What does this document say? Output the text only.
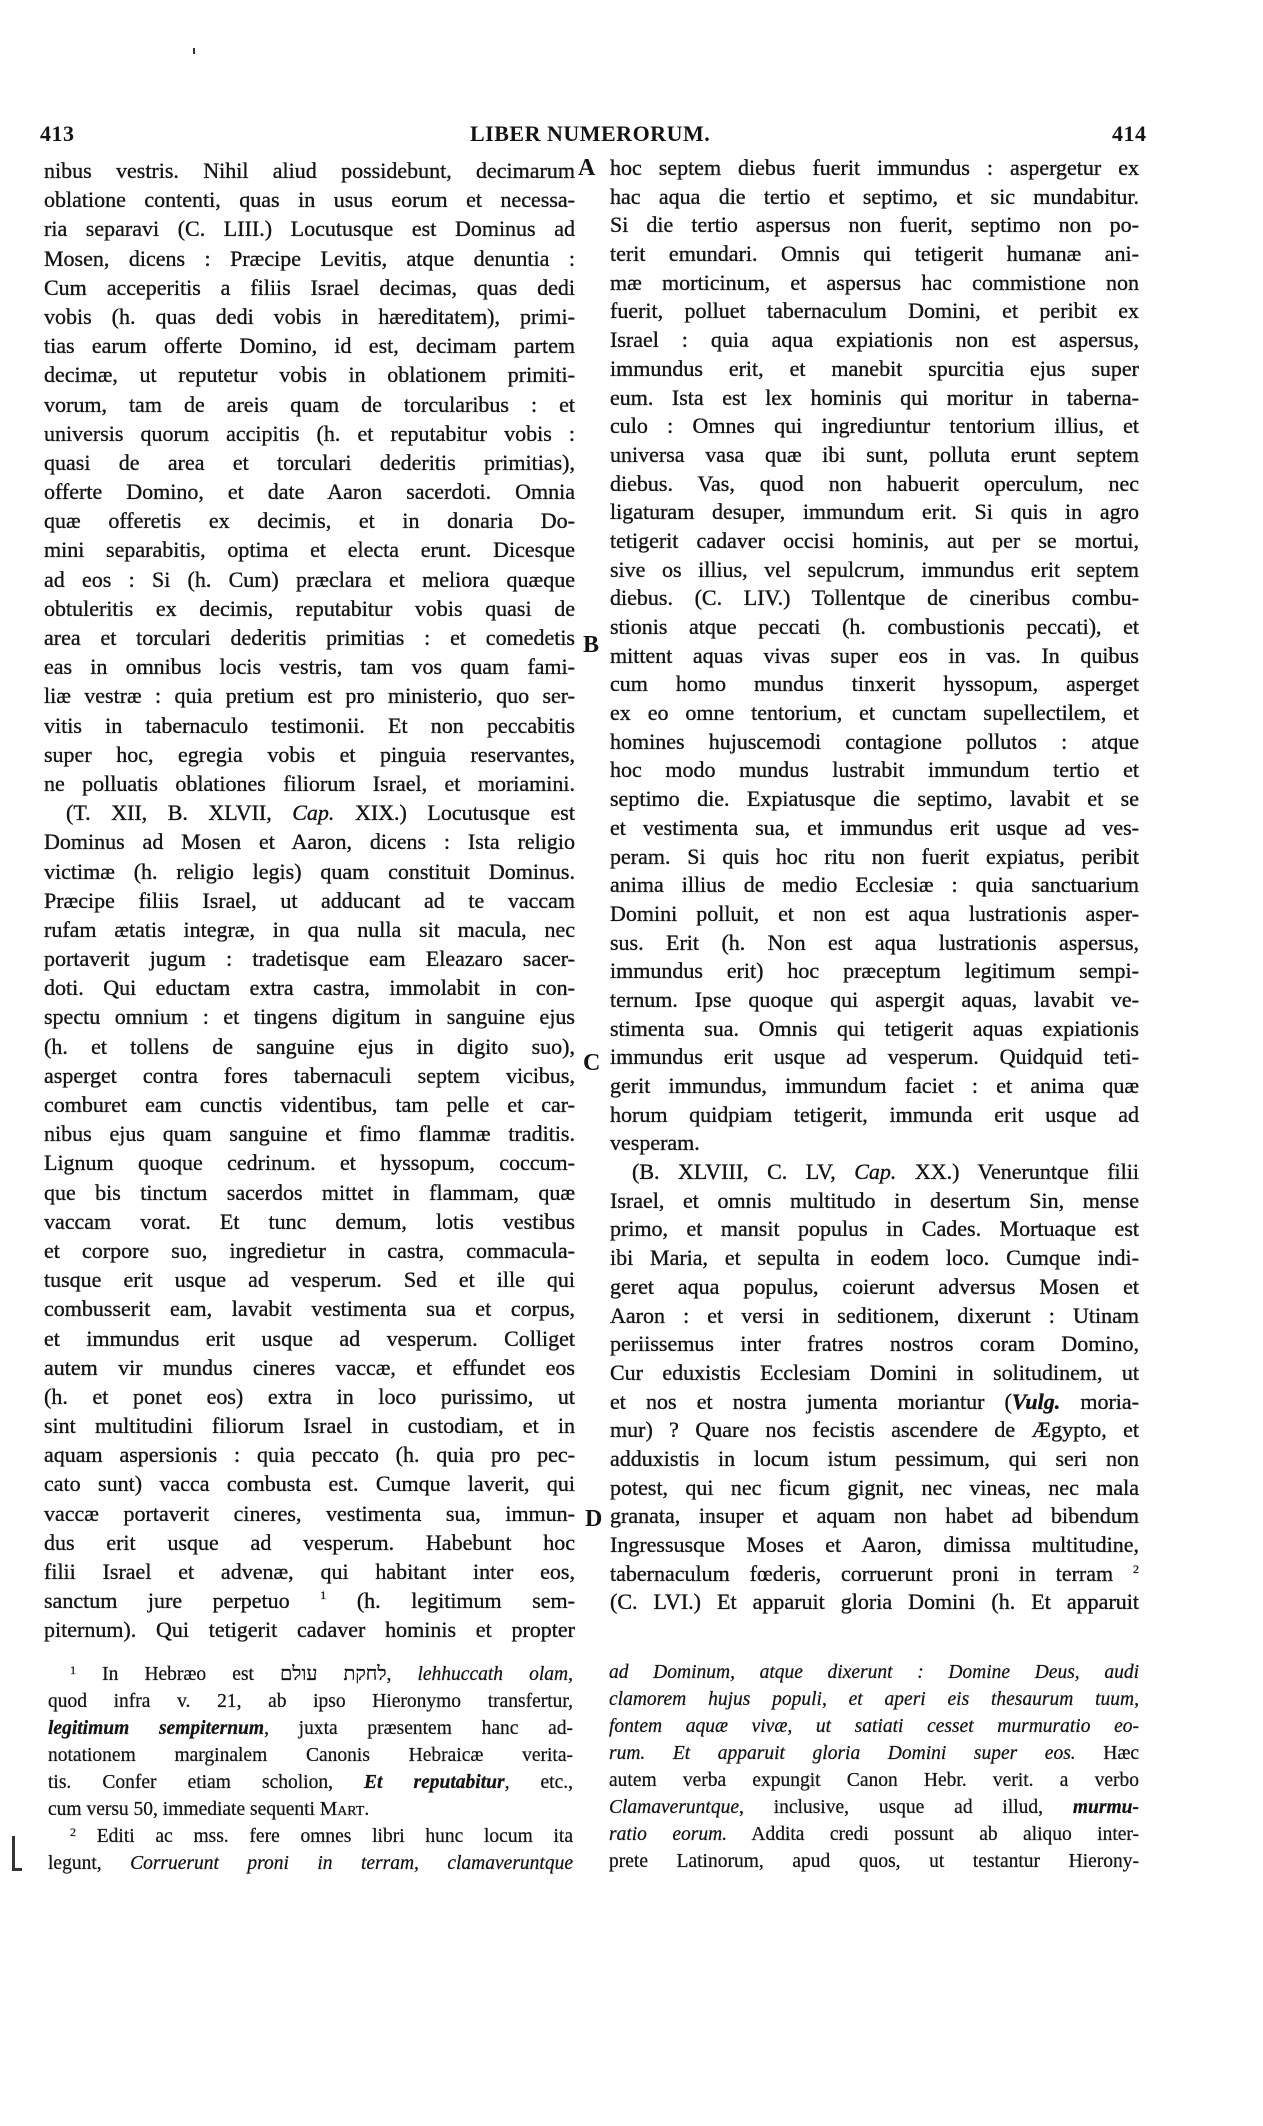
413	LIBER NUMERORUM.	414
A
B
C
D
nibus vestris. Nihil aliud possidebunt, decimarum
oblatione contenti, quas in usus eorum et necessa-
ria separavi (C. LIII.) Locutusque est Dominus ad
Mosen, dicens : Præcipe Levitis, atque denuntia :
Cum acceperitis a filiis Israel decimas, quas dedi
vobis (h. quas dedi vobis in hæreditatem), primi-
tias earum offerte Domino, id est, decimam partem
decimæ, ut reputetur vobis in oblationem primiti-
vorum, tam de areis quam de torcularibus : et
universis quorum accipitis (h. et reputabitur vobis :
quasi de area et torculari dederitis primitias),
offerte Domino, et date Aaron sacerdoti. Omnia
quæ offeretis ex decimis, et in donaria Do-
mini separabitis, optima et electa erunt. Dicesque
ad eos : Si (h. Cum) præclara et meliora quæque
obtuleritis ex decimis, reputabitur vobis quasi de
area et torculari dederitis primitias : et comedetis
eas in omnibus locis vestris, tam vos quam fami-
liæ vestræ : quia pretium est pro ministerio, quo ser-
vitis in tabernaculo testimonii. Et non peccabitis
super hoc, egregia vobis et pinguia reservantes,
ne polluatis oblationes filiorum Israel, et moriamini.
(T. XII, B. XLVII, Cap. XIX.) Locutusque est
Dominus ad Mosen et Aaron, dicens : Ista religio
victimæ (h. religio legis) quam constituit Dominus.
Præcipe filiis Israel, ut adducant ad te vaccam
rufam ætatis integræ, in qua nulla sit macula, nec
portaverit jugum : tradetisque eam Eleazaro sacer-
doti. Qui eductam extra castra, immolabit in con-
spectu omnium : et tingens digitum in sanguine ejus
(h. et tollens de sanguine ejus in digito suo),
asperget contra fores tabernaculi septem vicibus,
comburet eam cunctis videntibus, tam pelle et car-
nibus ejus quam sanguine et fimo flammæ traditis.
Lignum quoque cedrinum. et hyssopum, coccum-
que bis tinctum sacerdos mittet in flammam, quæ
vaccam vorat. Et tunc demum, lotis vestibus
et corpore suo, ingredietur in castra, commacula-
tusque erit usque ad vesperum. Sed et ille qui
combusserit eam, lavabit vestimenta sua et corpus,
et immundus erit usque ad vesperum. Colliget
autem vir mundus cineres vaccæ, et effundet eos
(h. et ponet eos) extra in loco purissimo, ut
sint multitudini filiorum Israel in custodiam, et in
aquam aspersionis : quia peccato (h. quia pro pec-
cato sunt) vacca combusta est. Cumque laverit, qui
vaccæ portaverit cineres, vestimenta sua, immun-
dus erit usque ad vesperum. Habebunt hoc
filii Israel et advenæ, qui habitant inter eos,
sanctum jure perpetuo $^1$ (h. legitimum sem-
piternum). Qui tetigerit cadaver hominis et propter
hoc septem diebus fuerit immundus : aspergetur ex
hac aqua die tertio et septimo, et sic mundabitur.
Si die tertio aspersus non fuerit, septimo non po-
terit emundari. Omnis qui tetigerit humanæ ani-
mæ morticinum, et aspersus hac commistione non
fuerit, polluet tabernaculum Domini, et peribit ex
Israel : quia aqua expiationis non est aspersus,
immundus erit, et manebit spurcitia ejus super
eum. Ista est lex hominis qui moritur in taberna-
culo : Omnes qui ingrediuntur tentorium illius, et
universa vasa quæ ibi sunt, polluta erunt septem
diebus. Vas, quod non habuerit operculum, nec
ligaturam desuper, immundum erit. Si quis in agro
tetigerit cadaver occisi hominis, aut per se mortui,
sive os illius, vel sepulcrum, immundus erit septem
diebus. (C. LIV.) Tollentque de cineribus combu-
stionis atque peccati (h. combustionis peccati), et
mittent aquas vivas super eos in vas. In quibus
cum homo mundus tinxerit hyssopum, asperget
ex eo omne tentorium, et cunctam supellectilem, et
homines hujuscemodi contagione pollutos : atque
hoc modo mundus lustrabit immundum tertio et
septimo die. Expiatusque die septimo, lavabit et se
et vestimenta sua, et immundus erit usque ad ves-
peram. Si quis hoc ritu non fuerit expiatus, peribit
anima illius de medio Ecclesiæ : quia sanctuarium
Domini polluit, et non est aqua lustrationis asper-
sus. Erit (h. Non est aqua lustrationis aspersus,
immundus erit) hoc præceptum legitimum sempi-
ternum. Ipse quoque qui aspergit aquas, lavabit ve-
stimenta sua. Omnis qui tetigerit aquas expiationis
immundus erit usque ad vesperum. Quidquid teti-
gerit immundus, immundum faciet : et anima quæ
horum quidpiam tetigerit, immunda erit usque ad
vesperam.
(B. XLVIII, C. LV, Cap. XX.) Veneruntque filii
Israel, et omnis multitudo in desertum Sin, mense
primo, et mansit populus in Cades. Mortuaque est
ibi Maria, et sepulta in eodem loco. Cumque indi-
geret aqua populus, coierunt adversus Mosen et
Aaron : et versi in seditionem, dixerunt : Utinam
periissemus inter fratres nostros coram Domino,
Cur eduxistis Ecclesiam Domini in solitudinem, ut
et nos et nostra jumenta moriantur (Vulg. moria-
mur) ? Quare nos fecistis ascendere de Ægypto, et
adduxistis in locum istum pessimum, qui seri non
potest, qui nec ficum gignit, nec vineas, nec mala
granata, insuper et aquam non habet ad bibendum
Ingressusque Moses et Aaron, dimissa multitudine,
tabernaculum fœderis, corruerunt proni in terram $^2$
(C. LVI.) Et apparuit gloria Domini (h. Et apparuit
$^1$ In Hebræo est לחקת עולם, lehhuccath olam,
quod infra v. 21, ab ipso Hieronymo transfertur,
legitimum sempiternum, juxta præsentem hanc ad-
notationem marginalem Canonis Hebraicæ verita-
tis. Confer etiam scholion, Et reputabitur, etc.,
cum versu 50, immediate sequenti Mart.
$^2$ Editi ac mss. fere omnes libri hunc locum ita
legunt, Corruerunt proni in terram, clamaveruntque
ad Dominum, atque dixerunt : Domine Deus, audi
clamorem hujus populi, et aperi eis thesaurum tuum,
fontem aquæ vivæ, ut satiati cesset murmuratio eo-
rum. Et apparuit gloria Domini super eos. Hæc
autem verba expungit Canon Hebr. verit. a verbo
Clamaveruntque, inclusive, usque ad illud, murmu-
ratio eorum. Addita credi possunt ab aliquo inter-
prete Latinorum, apud quos, ut testantur Hierony-
